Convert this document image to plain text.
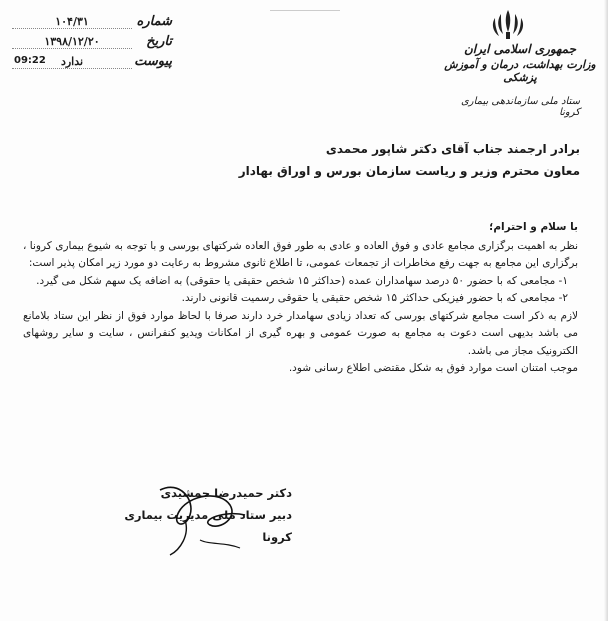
جمهوری اسلامی ایران
وزارت بهداشت، درمان و آموزش پزشکی
ستاد ملی سازماندهی بیماری کرونا
شماره
۱۰۴/۳۱
تاریخ
۱۳۹۸/۱۲/۲۰
پیوست
ندارد
09:22
برادر ارجمند جناب آقای دکتر شاپور محمدی
معاون محترم وزیر و ریاست سازمان بورس و اوراق بهادار
با سلام و احترام؛

نظر به اهمیت برگزاری مجامع عادی و فوق العاده و عادی به طور فوق العاده شرکتهای بورسی و با توجه به شیوع بیماری کرونا ، برگزاری این مجامع به جهت رفع مخاطرات از تجمعات عمومی، تا اطلاع ثانوی مشروط به رعایت دو مورد زیر امکان پذیر است:

۱- مجامعی که با حضور ۵۰ درصد سهامداران عمده (حداکثر ۱۵ شخص حقیقی یا حقوقی) به اضافه یک سهم شکل می گیرد.

۲- مجامعی که با حضور فیزیکی حداکثر ۱۵ شخص حقیقی یا حقوقی رسمیت قانونی دارند.

لازم به ذکر است مجامع شرکتهای بورسی که تعداد زیادی سهامدار خرد دارند صرفا با لحاظ موارد فوق از نظر این ستاد بلامانع می باشد بدیهی است دعوت به مجامع به صورت عمومی و بهره گیری از امکانات ویدیو کنفرانس ، سایت و سایر روشهای الکترونیک مجاز می باشد.

موجب امتنان است موارد فوق به شکل مقتضی اطلاع رسانی شود.

دکتر حمیدرضا جمشیدی
دبیر ستاد ملی مدیریت بیماری کرونا
